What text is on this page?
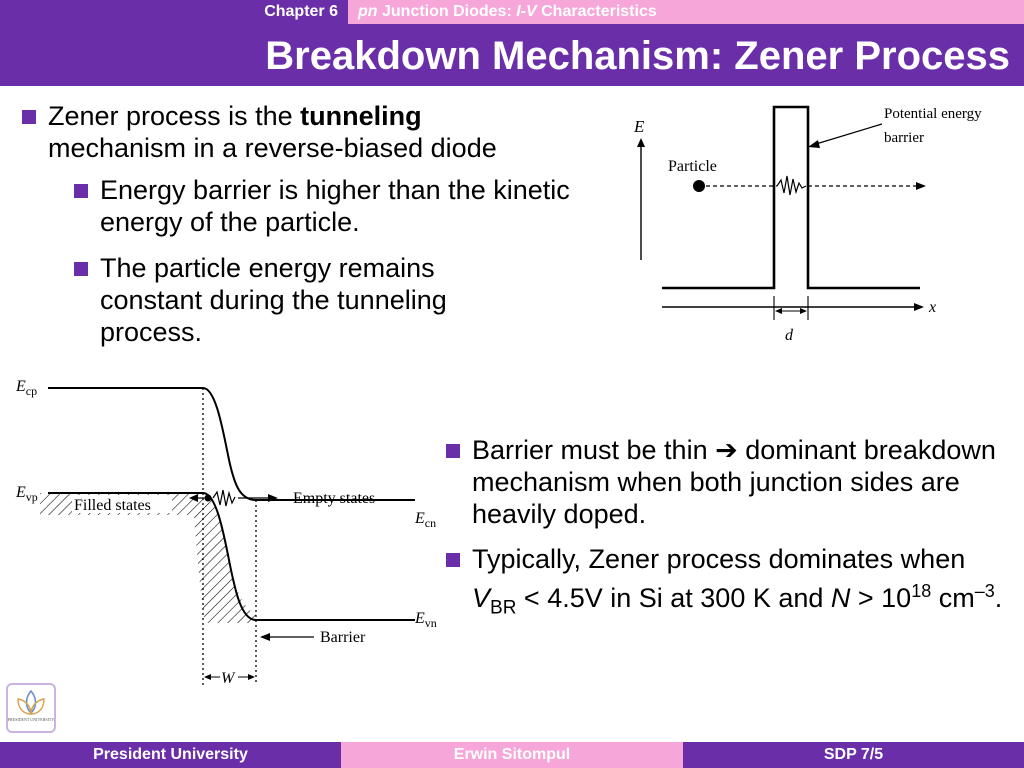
Chapter 6	pn Junction Diodes: I-V Characteristics
Breakdown Mechanism: Zener Process
Zener process is the tunneling
mechanism in a reverse-biased diode
Energy barrier is higher than the kinetic energy of the particle.
The particle energy remains constant during the tunneling process.
Barrier must be thin ➔ dominant breakdown mechanism when both junction sides are heavily doped.
Typically, Zener process dominates when $V_{BR} < 4.5V$ in Si at 300 K and $N > 10^{18}$ $cm^{-3}$.
E
Particle
Potential energy
barrier
x
d
Filled states	Empty states
Barrier
$E_{cp}$
$E_{vp}$
$E_{cn}$
$E_{vn}$
W
PRESIDENT UNIVERSITY
President University	Erwin Sitompul	SDP 7/5
